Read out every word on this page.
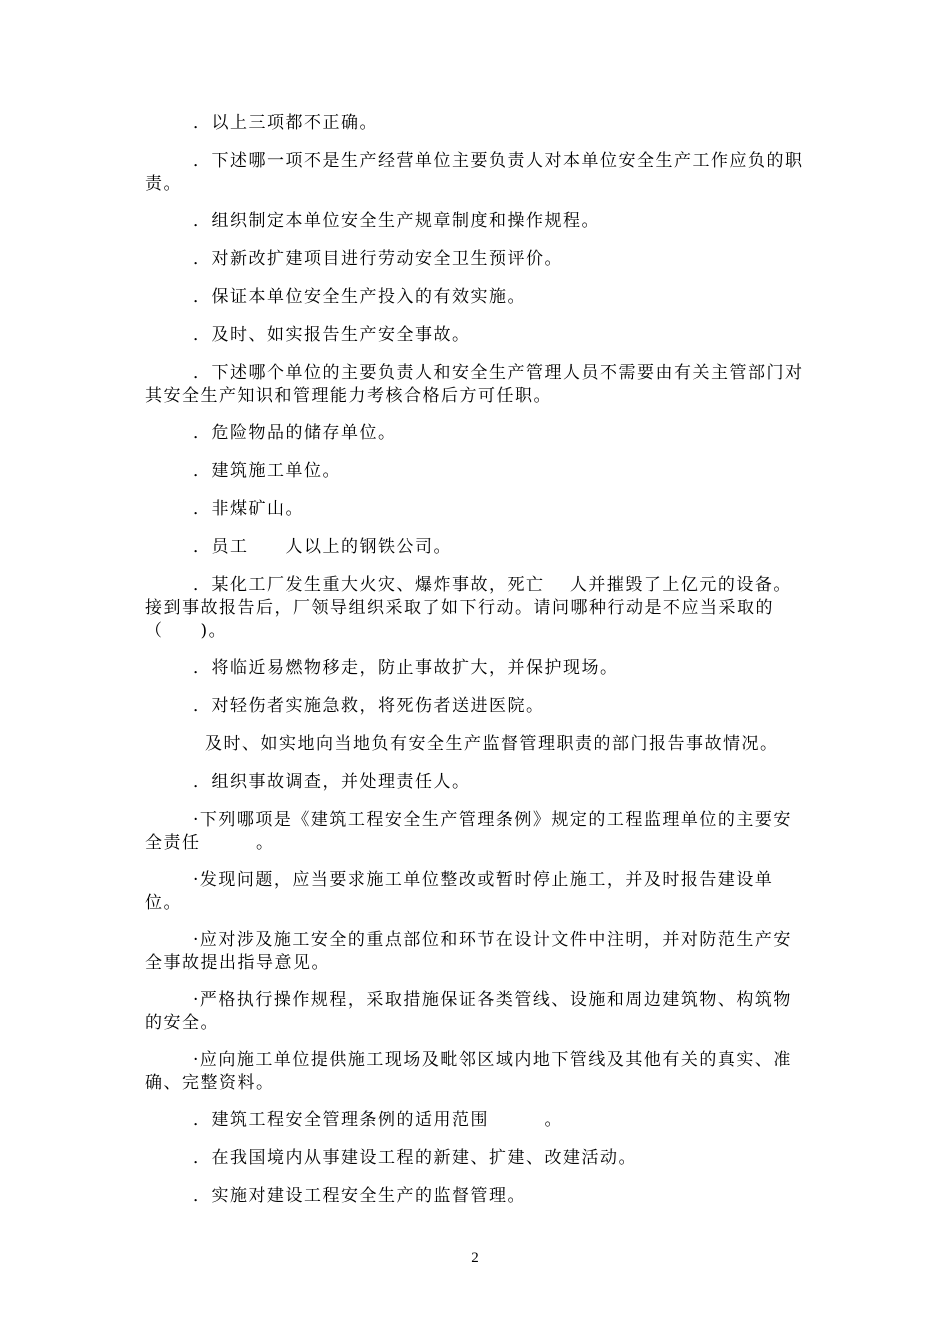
．以上三项都不正确。

．下述哪一项不是生产经营单位主要负责人对本单位安全生产工作应负的职责。

．组织制定本单位安全生产规章制度和操作规程。

．对新改扩建项目进行劳动安全卫生预评价。

．保证本单位安全生产投入的有效实施。

．及时、如实报告生产安全事故。

．下述哪个单位的主要负责人和安全生产管理人员不需要由有关主管部门对其安全生产知识和管理能力考核合格后方可任职。

．危险物品的储存单位。

．建筑施工单位。

．非煤矿山。

．员工　　人以上的钢铁公司。

．某化工厂发生重大火灾、爆炸事故，死亡　 人并摧毁了上亿元的设备。接到事故报告后，厂领导组织采取了如下行动。请问哪种行动是不应当采取的（　　)。

．将临近易燃物移走，防止事故扩大，并保护现场。

．对轻伤者实施急救，将死伤者送进医院。

及时、如实地向当地负有安全生产监督管理职责的部门报告事故情况。

．组织事故调查，并处理责任人。

·下列哪项是《建筑工程安全生产管理条例》规定的工程监理单位的主要安全责任　　　。

·发现问题，应当要求施工单位整改或暂时停止施工，并及时报告建设单位。

·应对涉及施工安全的重点部位和环节在设计文件中注明，并对防范生产安全事故提出指导意见。

·严格执行操作规程，采取措施保证各类管线、设施和周边建筑物、构筑物的安全。

·应向施工单位提供施工现场及毗邻区域内地下管线及其他有关的真实、准确、完整资料。

．建筑工程安全管理条例的适用范围　　　。

．在我国境内从事建设工程的新建、扩建、改建活动。

．实施对建设工程安全生产的监督管理。

2
